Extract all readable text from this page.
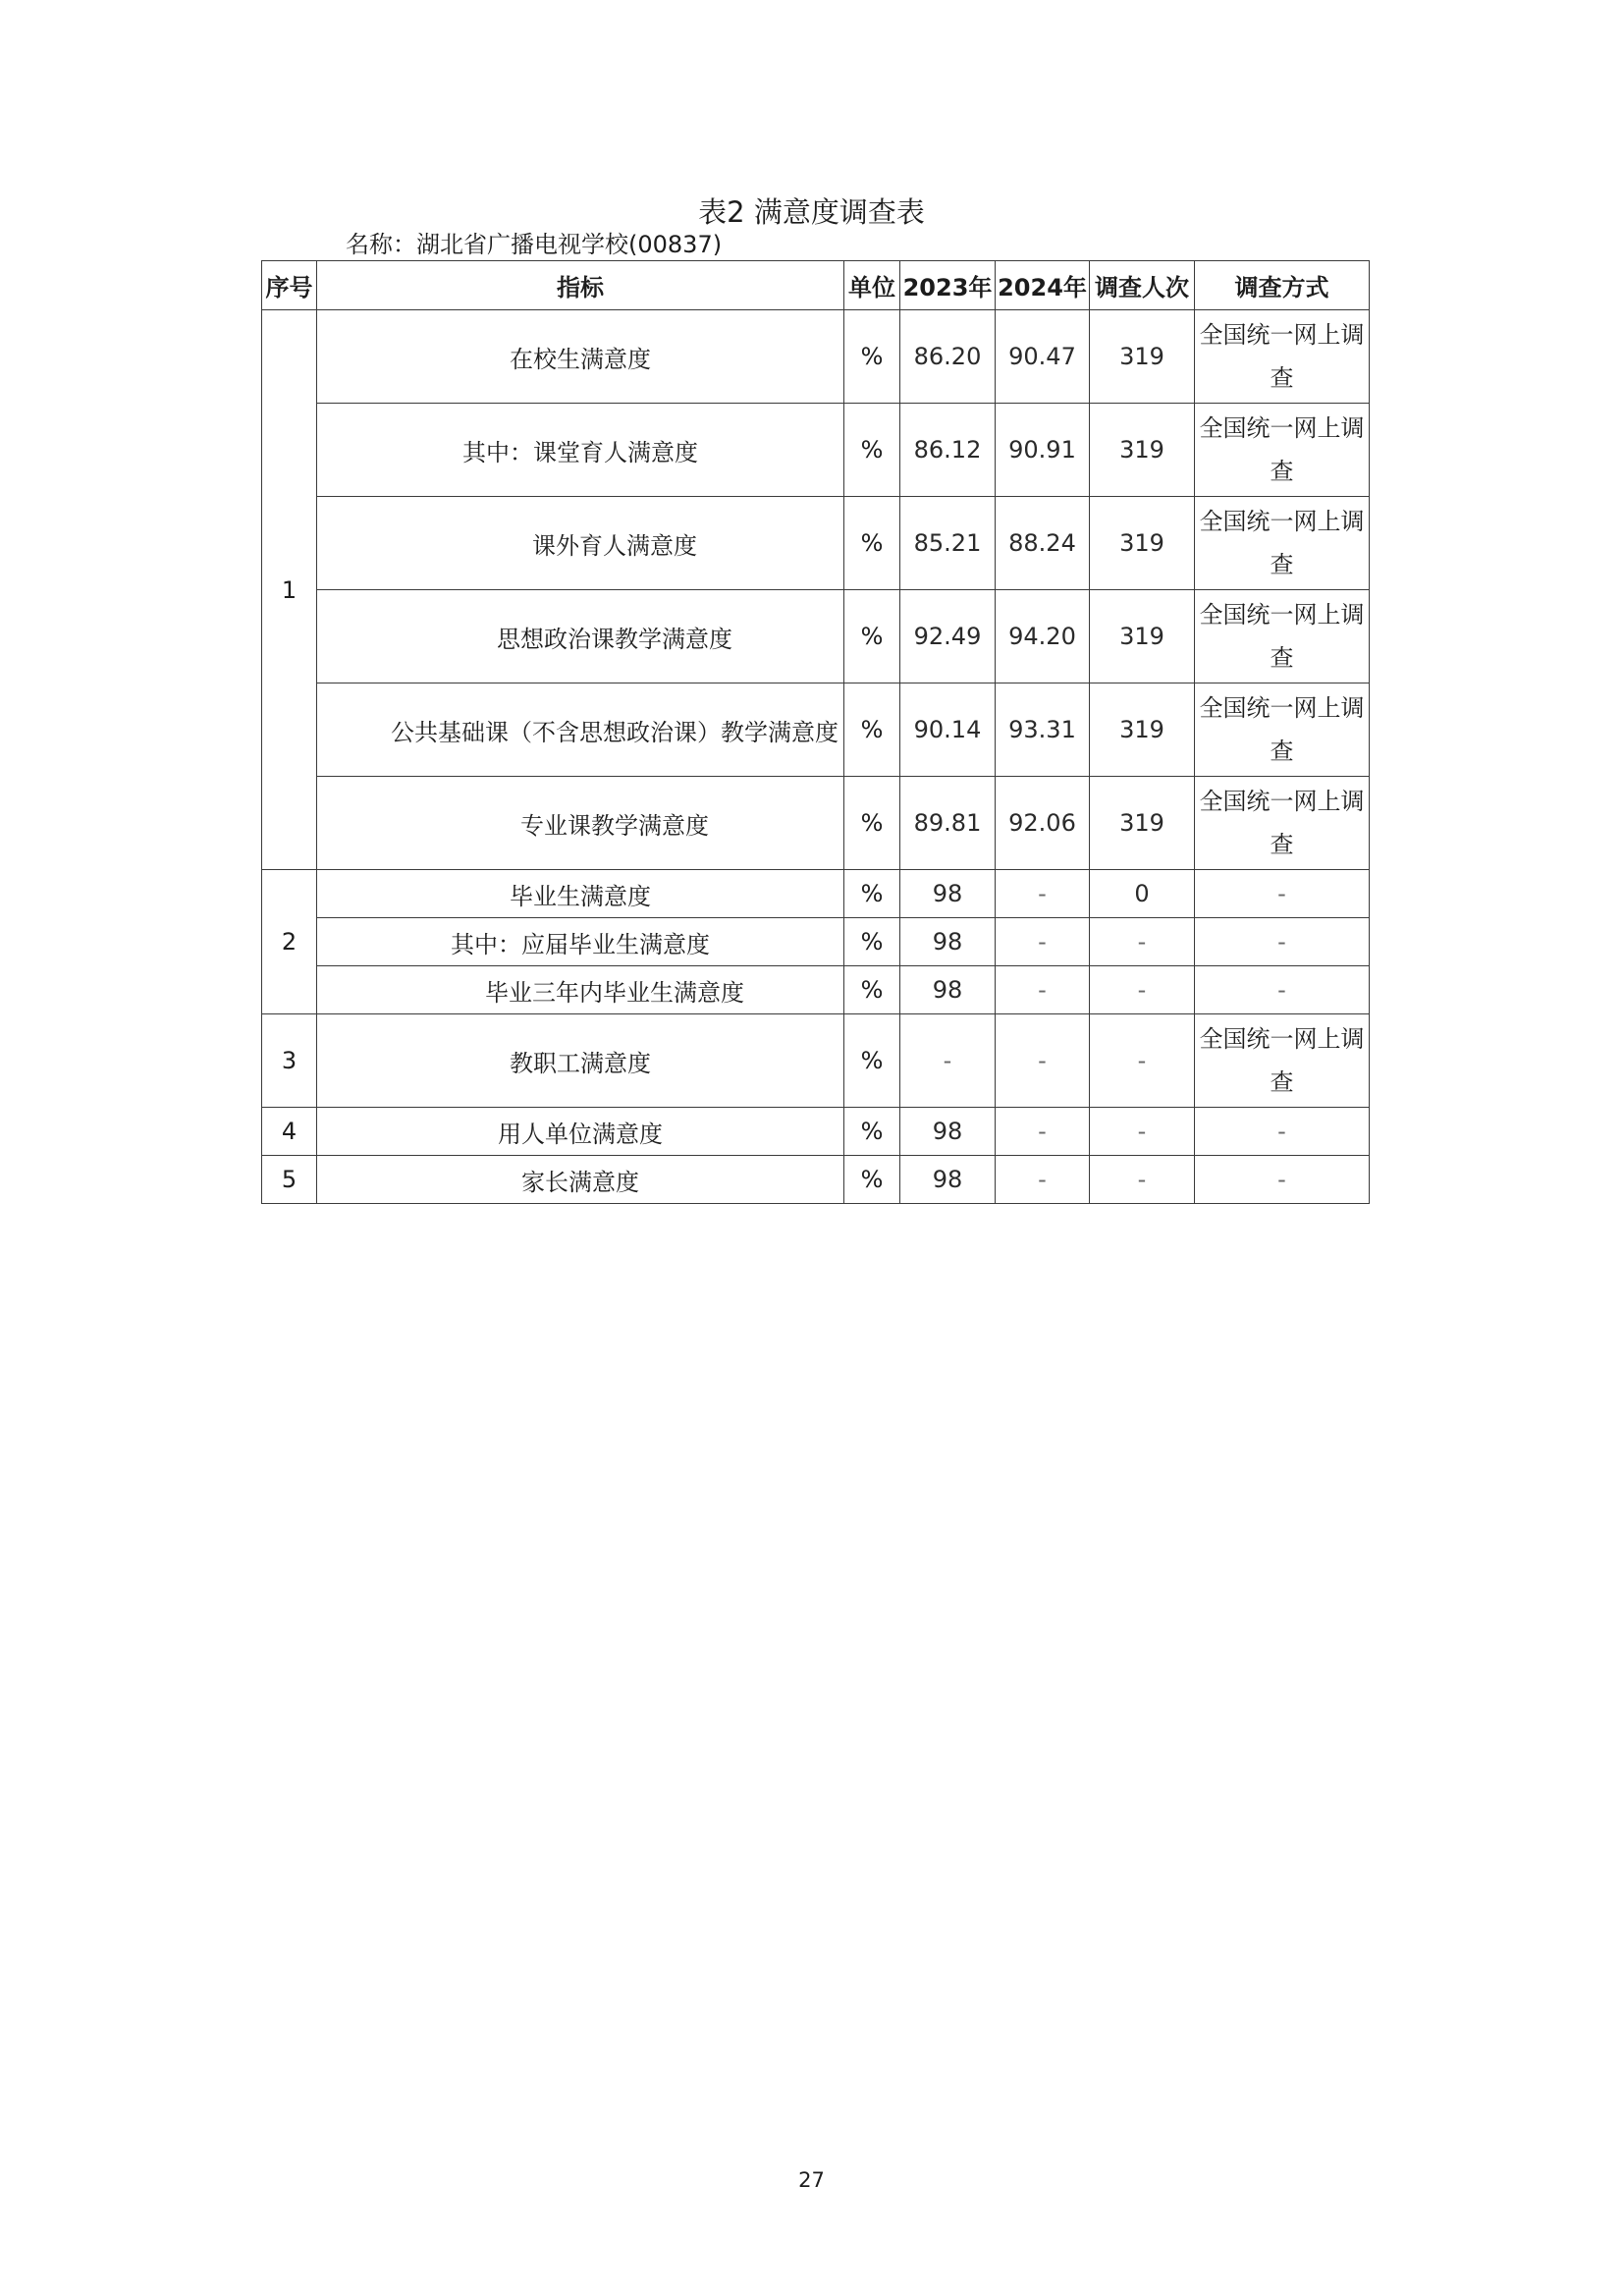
表2 满意度调查表
名称：湖北省广播电视学校(00837)
序号	指标	单位	2023年	2024年	调查人次	调查方式
1	在校生满意度	%	86.20	90.47	319	全国统一网上调查
	其中：课堂育人满意度	%	86.12	90.91	319	全国统一网上调查
	课外育人满意度	%	85.21	88.24	319	全国统一网上调查
	思想政治课教学满意度	%	92.49	94.20	319	全国统一网上调查
	公共基础课（不含思想政治课）教学满意度	%	90.14	93.31	319	全国统一网上调查
	专业课教学满意度	%	89.81	92.06	319	全国统一网上调查
2	毕业生满意度	%	98	-	0	-
	其中：应届毕业生满意度	%	98	-	-	-
	毕业三年内毕业生满意度	%	98	-	-	-
3	教职工满意度	%	-	-	-	全国统一网上调查
4	用人单位满意度	%	98	-	-	-
5	家长满意度	%	98	-	-	-
27
